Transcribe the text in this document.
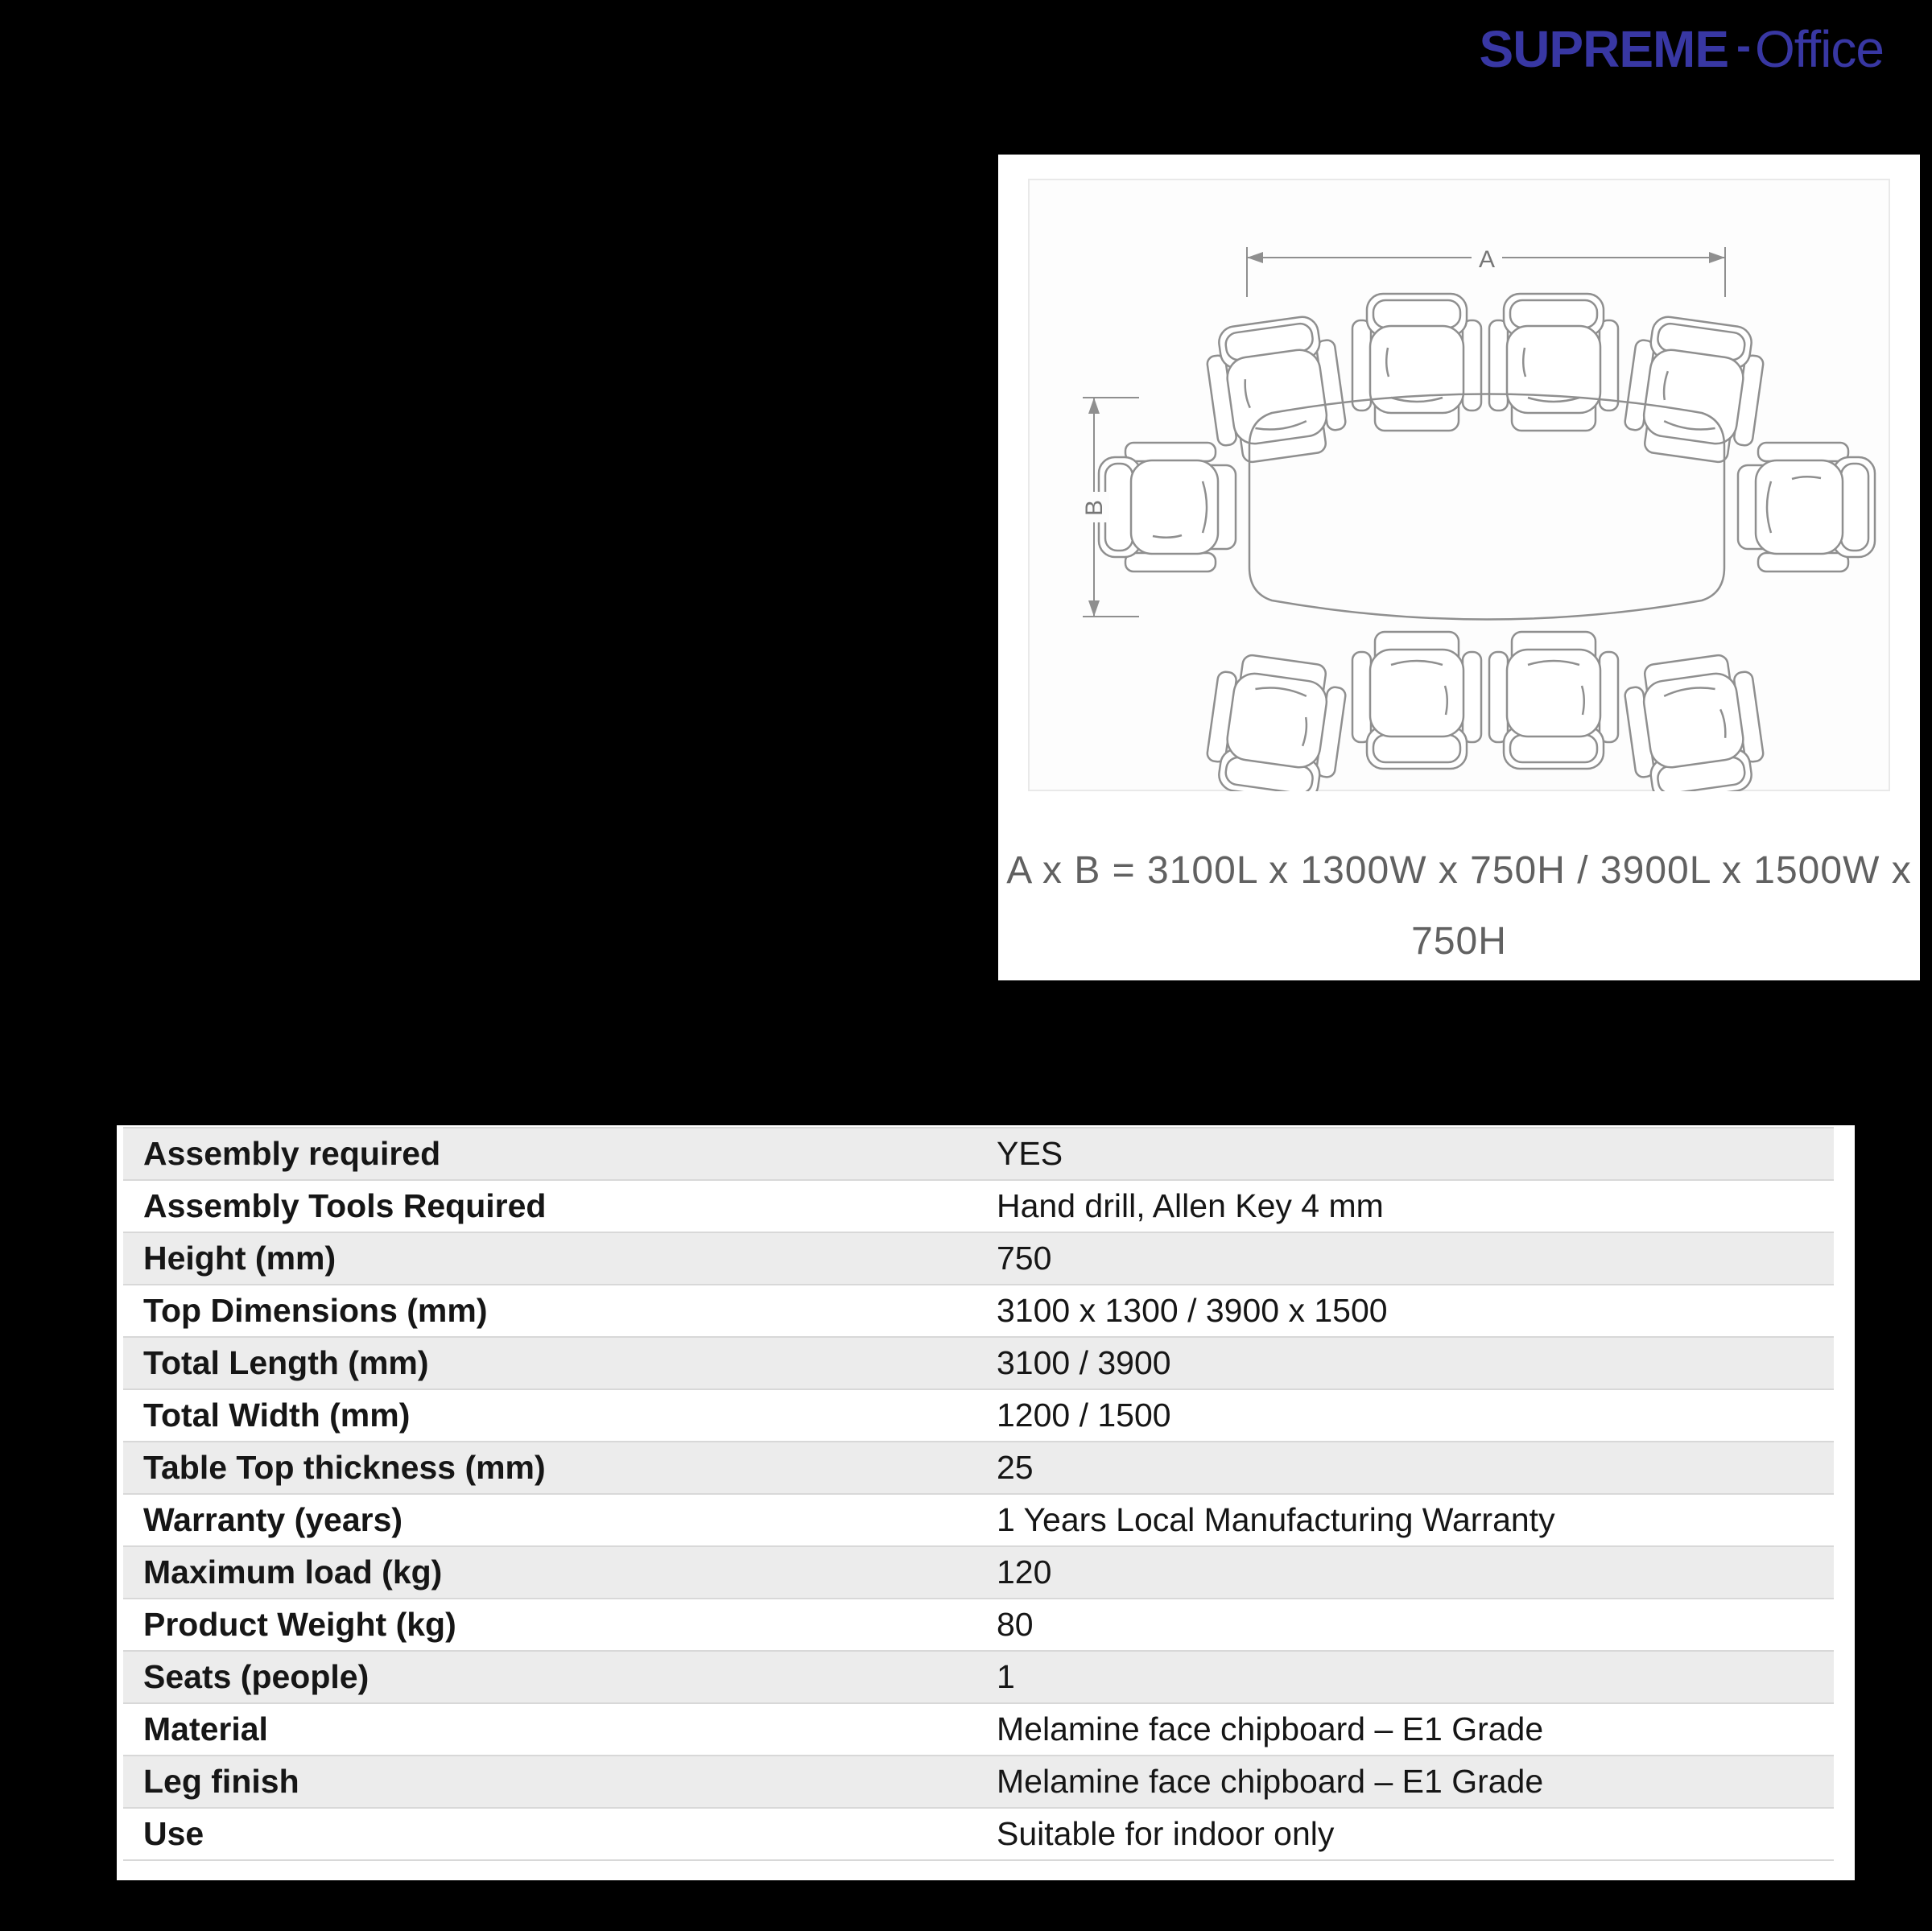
SUPREME -Office
A
B
A x B = 3100L x 1300W x 750H / 3900L x 1500W x
750H
Assembly required	YES
Assembly Tools Required	Hand drill, Allen Key 4 mm
Height (mm)	750
Top Dimensions (mm)	3100 x 1300 / 3900 x 1500
Total Length (mm)	3100 / 3900
Total Width (mm)	1200 / 1500
Table Top thickness (mm)	25
Warranty (years)	1 Years Local Manufacturing Warranty
Maximum load (kg)	120
Product Weight (kg)	80
Seats (people)	1
Material	Melamine face chipboard – E1 Grade
Leg finish	Melamine face chipboard – E1 Grade
Use	Suitable for indoor only
